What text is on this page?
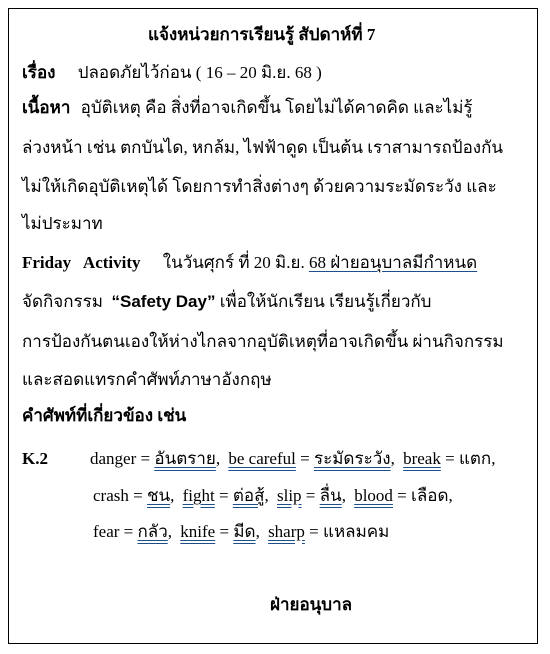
แจ้งหน่วยการเรียนรู้ สัปดาห์ที่ 7
เรื่อง ปลอดภัยไว้ก่อน ( 16 – 20 มิ.ย. 68 )
เนื้อหา อุบัติเหตุ คือ สิ่งที่อาจเกิดขึ้น โดยไม่ได้คาดคิด และไม่รู้
ล่วงหน้า เช่น ตกบันได, หกล้ม, ไฟฟ้าดูด เป็นต้น เราสามารถป้องกัน
ไม่ให้เกิดอุบัติเหตุได้ โดยการทำสิ่งต่างๆ ด้วยความระมัดระวัง และ
ไม่ประมาท
Friday   Activity ในวันศุกร์ ที่ 20 มิ.ย. 68 ฝ่ายอนุบาลมีกำหนด
จัดกิจกรรม  “Safety Day” เพื่อให้นักเรียน เรียนรู้เกี่ยวกับ
การป้องกันตนเองให้ห่างไกลจากอุบัติเหตุที่อาจเกิดขึ้น ผ่านกิจกรรม
และสอดแทรกคำศัพท์ภาษาอังกฤษ
คำศัพท์ที่เกี่ยวข้อง เช่น
K.2 danger = อันตราย, be careful = ระมัดระวัง, break = แตก,
crash = ชน, fight = ต่อสู้, slip = ลื่น, blood = เลือด,
fear = กลัว, knife = มีด, sharp = แหลมคม
ฝ่ายอนุบาล
